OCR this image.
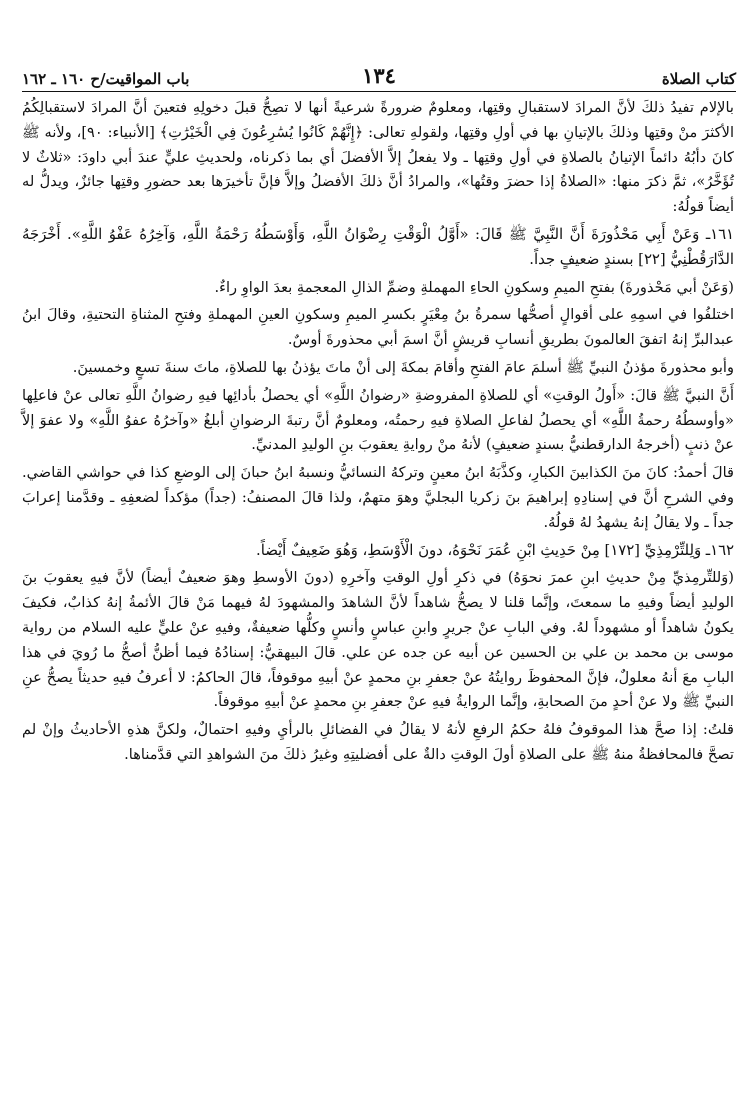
كتاب الصلاة
١٣٤
باب المواقيت/ح ١٦٠ ـ ١٦٢

بالإلام تفيدُ ذلكَ لأنَّ المرادَ لاستقبالِ وقتِها، ومعلومٌ ضرورةً شرعيةً أنها لا تصِحُّ قبلَ دخولِهِ فتعينَ أنَّ المرادَ لاستقبالِكُمُ الأكثرَ منْ وقتِها وذلكَ بالإتيانِ بها في أولِ وقتِها، ولقولهِ تعالى: ﴿إِنَّهُمْ كَانُوا يُسَٰرِعُونَ فِي الْخَيْرَٰتِ﴾ [الأنبياء: ٩٠]، ولأنه ﷺ كانَ دأبُهُ دائماً الإتيانُ بالصلاةِ في أولِ وقتِها ـ ولا يفعلُ إلاَّ الأفضلَ أي بما ذكرناه، ولحديثِ عليٍّ عندَ أبي داودَ: «ثلاثٌ لا تُؤَخَّرُ»، ثمَّ ذكرَ منها: «الصلاةُ إذا حضرَ وقتُها»، والمرادُ أنَّ ذلكَ الأفضلُ وإلاَّ فإنَّ تأخيرَها بعد حضورِ وقتِها جائزٌ، ويدلُّ له أيضاً قولُهُ:

١٦١ـ وَعَنْ أَبِي مَحْذُورَةَ أَنَّ النَّبِيَّ ﷺ قَالَ: «أَوَّلُ الْوَقْتِ رِضْوَانُ اللَّهِ، وَأَوْسَطُهُ رَحْمَةُ اللَّهِ، وَآخِرُهُ عَفْوُ اللَّهِ». أَخْرَجَهُ الدَّارَقُطْنِيُّ [٢٢] بسندٍ ضعيفٍ جداً.

(وَعَنْ أبي مَحْذورةَ) بفتحِ الميمِ وسكونِ الحاءِ المهملةِ وضمِّ الذالِ المعجمةِ بعدَ الواوِ راءٌ.

اختلفُوا في اسمِهِ على أقوالٍ أصحُّها سمرةُ بنُ مِعْيَرٍ بكسرِ الميمِ وسكونِ العينِ المهملةِ وفتحِ المثناةِ التحتيةِ، وقالَ ابنُ عبدالبرِّ إنهُ اتفقَ العالمونَ بطريقِ أنسابِ قريشٍ أنَّ اسمَ أبي محذورةَ أوسٌ.

وأبو محذورةَ مؤذنُ النبيِّ ﷺ أسلمَ عامَ الفتحِ وأقامَ بمكةَ إلى أنْ ماتَ يؤذنُ بها للصلاةِ، ماتَ سنةَ تسعٍ وخمسينَ.

أَنَّ النبيَّ ﷺ قالَ: «أَولُ الوقتِ» أي للصلاةِ المفروضةِ «رضوانُ اللَّهِ» أي يحصلُ بأدائِها فيهِ رضوانُ اللَّهِ تعالى عنْ فاعلِها «وأوسطُهُ رحمةُ اللَّهِ» أي يحصلُ لفاعلِ الصلاةِ فيهِ رحمتُه، ومعلومٌ أنَّ رتبةَ الرضوانِ أبلغُ «وآخرُهُ عفوُ اللَّهِ» ولا عفوَ إلاَّ عنْ ذنبٍ (أخرجهُ الدارقطنيُّ بسندٍ ضعيفٍ) لأنهُ منْ روايةِ يعقوبَ بنِ الوليدِ المدنيِّ.

قالَ أحمدُ: كانَ منَ الكذابينَ الكبارِ، وكذَّبَهُ ابنُ معينٍ وتركهُ النسائيُّ ونسبهُ ابنُ حبانَ إلى الوضعِ كذا في حواشي القاضي. وفي الشرحِ أنَّ في إسنادِهِ إبراهيمَ بنَ زكريا البجليَّ وهوَ متهمٌ، ولذا قالَ المصنفُ: (جداً) مؤكداً لضعفِهِ ـ وقدَّمنا إعرابَ جداً ـ ولا يقالُ إنهُ يشهدُ لهُ قولُهُ.

١٦٢ـ وَلِلتِّرْمِذِيِّ [١٧٢] مِنْ حَدِيثِ ابْنِ عُمَرَ نَحْوَهُ، دونَ الْأَوْسَطِ، وَهُوَ ضَعِيفٌ أَيْضاً.

(وَللتِّرمِذيِّ مِنْ حديثِ ابنِ عمرَ نحوَهُ) في ذكرِ أولِ الوقتِ وآخرِهِ (دونَ الأوسطِ وهوَ ضعيفٌ أيضاً) لأنَّ فيهِ يعقوبَ بنَ الوليدِ أيضاً وفيهِ ما سمعتَ، وإنَّما قلنا لا يصحُّ شاهداً لأنَّ الشاهدَ والمشهودَ لهُ فيهما مَنْ قالَ الأئمةُ إنهُ كذابٌ، فكيفَ يكونُ شاهداً أو مشهوداً لهُ. وفي البابِ عنْ جريرٍ وابنِ عباسٍ وأنسٍ وكلُّها ضعيفةٌ، وفيهِ عنْ عليٍّ عليه السلام من رواية موسى بن محمد بن علي بن الحسين عن أبيه عن جده عن علي. قالَ البيهقيُّ: إسنادُهُ فيما أظنُّ أصحُّ ما رُويَ في هذا البابِ معَ أنهُ معلولٌ، فإنَّ المحفوظَ روايتُهُ عنْ جعفرِ بنِ محمدٍ عنْ أبيهِ موقوفاً، قالَ الحاكمُ: لا أعرفُ فيهِ حديثاً يصحُّ عنِ النبيِّ ﷺ ولا عنْ أحدٍ منَ الصحابةِ، وإنَّما الروايةُ فيهِ عنْ جعفرِ بنِ محمدٍ عنْ أبيهِ موقوفاً.

قلتُ: إذا صحَّ هذا الموقوفُ فلهُ حكمُ الرفعِ لأنهُ لا يقالُ في الفضائلِ بالرأيِ وفيهِ احتمالٌ، ولكنَّ هذهِ الأحاديثُ وإنْ لم تصحَّ فالمحافظةُ منهُ ﷺ على الصلاةِ أولَ الوقتِ دالةٌ على أفضليتِهِ وغيرُ ذلكَ منَ الشواهدِ التي قدَّمناها.
